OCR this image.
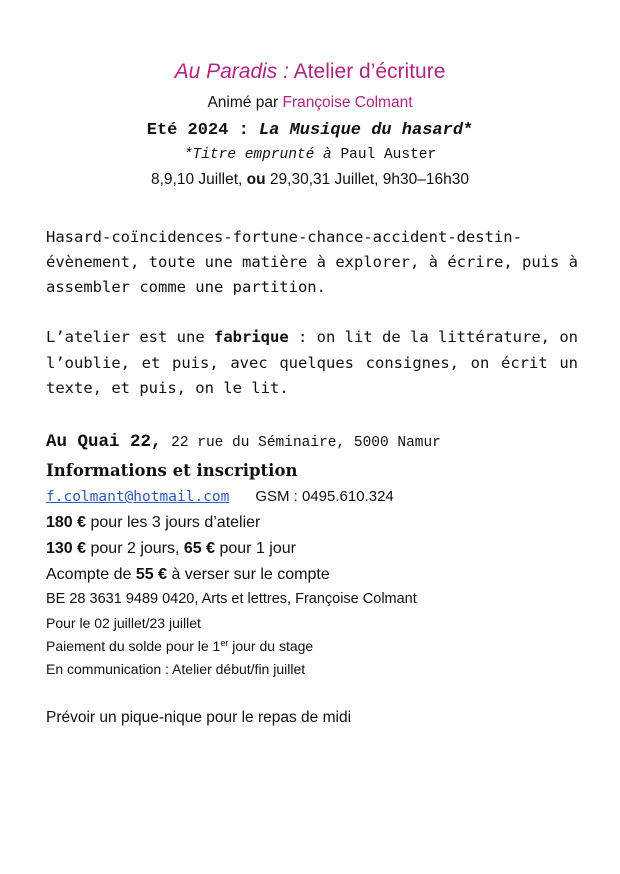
Au Paradis : Atelier d’écriture
Animé par Françoise Colmant
Eté 2024 : La Musique du hasard*
*Titre emprunté à Paul Auster
8,9,10 Juillet, ou 29,30,31 Juillet, 9h30–16h30
Hasard-coïncidences-fortune-chance-accident-destin-évènement, toute une matière à explorer, à écrire, puis à assembler comme une partition.
L’atelier est une fabrique : on lit de la littérature, on l’oublie, et puis, avec quelques consignes, on écrit un texte, et puis, on le lit.
Au Quai 22, 22 rue du Séminaire, 5000 Namur
Informations et inscription
f.colmant@hotmail.com GSM : 0495.610.324
180 € pour les 3 jours d’atelier
130 € pour 2 jours, 65 € pour 1 jour
Acompte de 55 € à verser sur le compte
BE 28 3631 9489 0420, Arts et lettres, Françoise Colmant
Pour le 02 juillet/23 juillet
Paiement du solde pour le 1er jour du stage
En communication : Atelier début/fin juillet
Prévoir un pique-nique pour le repas de midi
